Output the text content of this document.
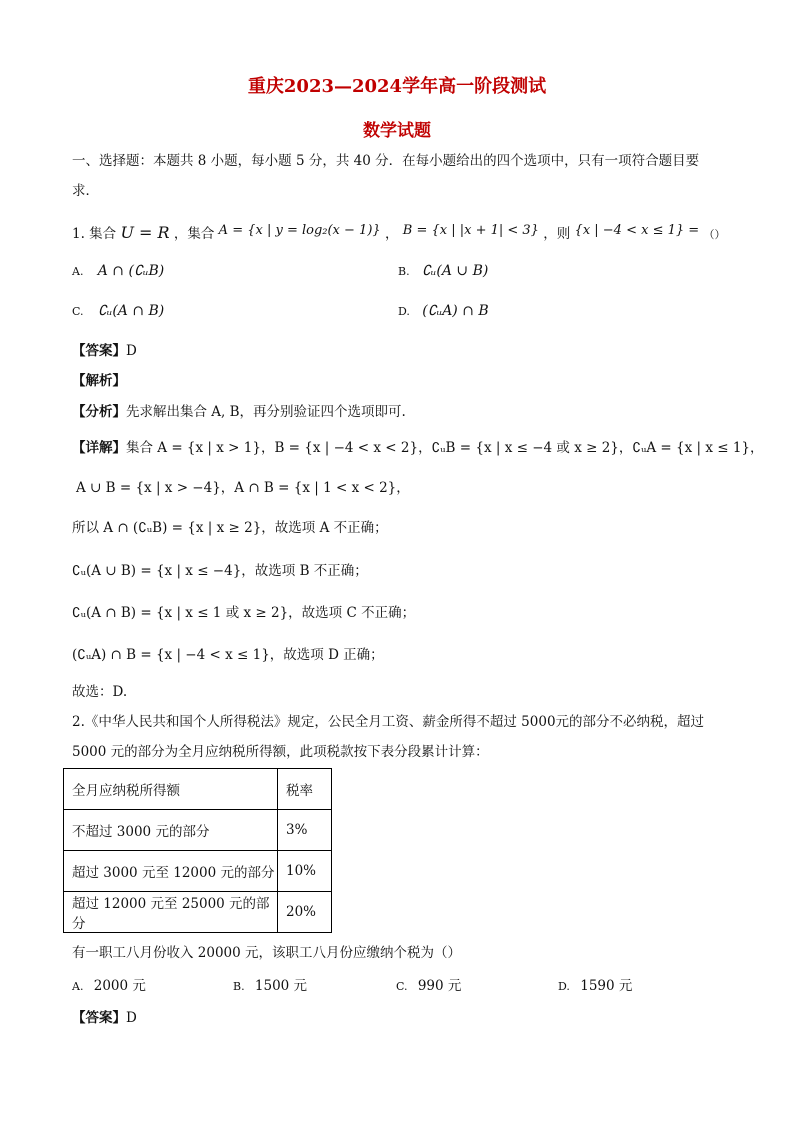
重庆2023—2024学年高一阶段测试
数学试题
一、选择题：本题共 8 小题，每小题 5 分，共 40 分．在每小题给出的四个选项中，只有一项符合题目要
求．
1. 集合 U = R ，集合 A = {x | y = log₂(x − 1)} ， B = {x | |x + 1| < 3} ，则 {x | −4 < x ≤ 1} = （）
A. A ∩ (∁ᵤB)	B. ∁ᵤ(A ∪ B)
C. ∁ᵤ(A ∩ B)	D. (∁ᵤA) ∩ B
【答案】D
【解析】
【分析】先求解出集合 A, B，再分别验证四个选项即可.
【详解】集合 A = {x | x > 1}，B = {x | −4 < x < 2}，∁ᵤB = {x | x ≤ −4 或 x ≥ 2}，∁ᵤA = {x | x ≤ 1}，
A ∪ B = {x | x > −4}，A ∩ B = {x | 1 < x < 2}，
所以 A ∩ (∁ᵤB) = {x | x ≥ 2}，故选项 A 不正确；
∁ᵤ(A ∪ B) = {x | x ≤ −4}，故选项 B 不正确；
∁ᵤ(A ∩ B) = {x | x ≤ 1 或 x ≥ 2}，故选项 C 不正确；
(∁ᵤA) ∩ B = {x | −4 < x ≤ 1}，故选项 D 正确；
故选：D.
2.《中华人民共和国个人所得税法》规定，公民全月工资、薪金所得不超过 5000元的部分不必纳税，超过
5000 元的部分为全月应纳税所得额，此项税款按下表分段累计计算：
全月应纳税所得额	税率
不超过 3000 元的部分	3%
超过 3000 元至 12000 元的部分	10%
超过 12000 元至 25000 元的部分	20%
有一职工八月份收入 20000 元，该职工八月份应缴纳个税为（）
A. 2000 元	B. 1500 元	C. 990 元	D. 1590 元
【答案】D
